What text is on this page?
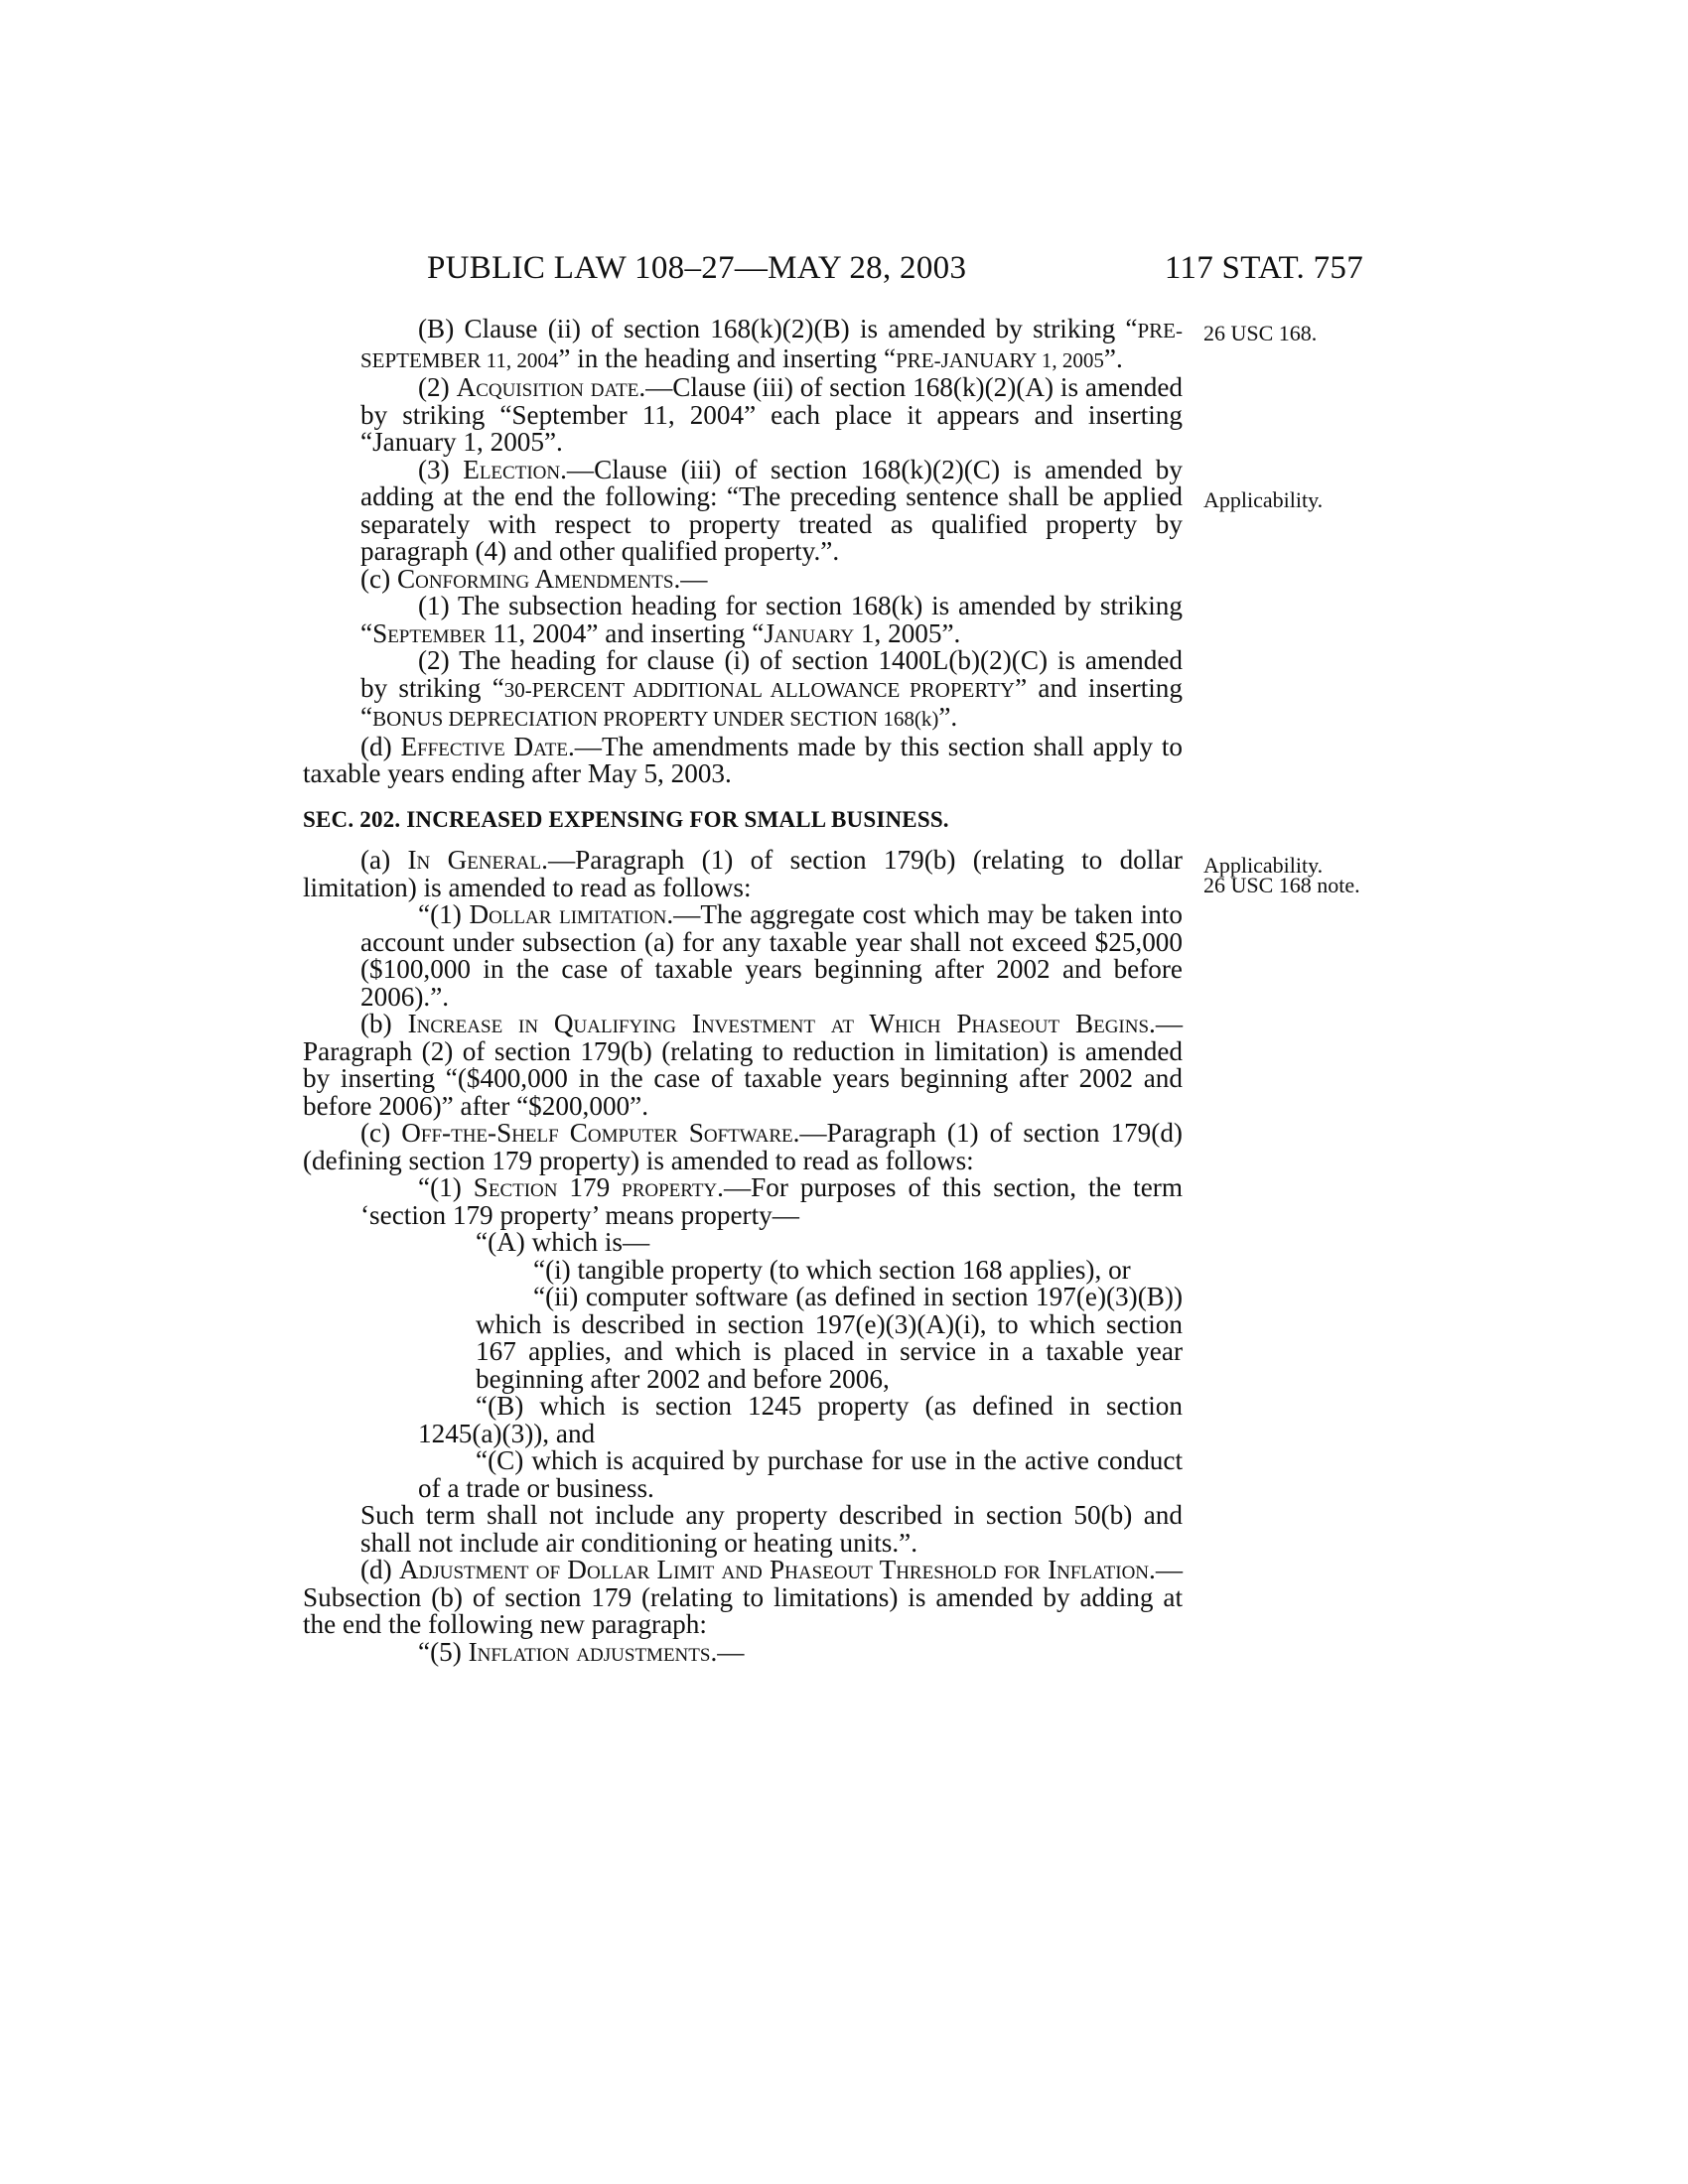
PUBLIC LAW 108–27—MAY 28, 2003	117 STAT. 757
26 USC 168.
Applicability.
Applicability.
26 USC 168 note.

(B) Clause (ii) of section 168(k)(2)(B) is amended by striking “PRE-SEPTEMBER 11, 2004” in the heading and inserting “PRE-JANUARY 1, 2005”.

(2) Acquisition date.—Clause (iii) of section 168(k)(2)(A) is amended by striking “September 11, 2004” each place it appears and inserting “January 1, 2005”.

(3) Election.—Clause (iii) of section 168(k)(2)(C) is amended by adding at the end the following: “The preceding sentence shall be applied separately with respect to property treated as qualified property by paragraph (4) and other qualified property.”.

(c) Conforming Amendments.—

(1) The subsection heading for section 168(k) is amended by striking “September 11, 2004” and inserting “January 1, 2005”.

(2) The heading for clause (i) of section 1400L(b)(2)(C) is amended by striking “30-PERCENT ADDITIONAL ALLOWANCE PROPERTY” and inserting “BONUS DEPRECIATION PROPERTY UNDER SECTION 168(k)”.

(d) Effective Date.—The amendments made by this section shall apply to taxable years ending after May 5, 2003.

SEC. 202. INCREASED EXPENSING FOR SMALL BUSINESS.

(a) In General.—Paragraph (1) of section 179(b) (relating to dollar limitation) is amended to read as follows:

“(1) Dollar limitation.—The aggregate cost which may be taken into account under subsection (a) for any taxable year shall not exceed $25,000 ($100,000 in the case of taxable years beginning after 2002 and before 2006).”.

(b) Increase in Qualifying Investment at Which Phaseout Begins.—Paragraph (2) of section 179(b) (relating to reduction in limitation) is amended by inserting “($400,000 in the case of taxable years beginning after 2002 and before 2006)” after “$200,000”.

(c) Off-the-Shelf Computer Software.—Paragraph (1) of section 179(d) (defining section 179 property) is amended to read as follows:

“(1) Section 179 property.—For purposes of this section, the term ‘section 179 property’ means property—

“(A) which is—

“(i) tangible property (to which section 168 applies), or

“(ii) computer software (as defined in section 197(e)(3)(B)) which is described in section 197(e)(3)(A)(i), to which section 167 applies, and which is placed in service in a taxable year beginning after 2002 and before 2006,

“(B) which is section 1245 property (as defined in section 1245(a)(3)), and

“(C) which is acquired by purchase for use in the active conduct of a trade or business.

Such term shall not include any property described in section 50(b) and shall not include air conditioning or heating units.”.

(d) Adjustment of Dollar Limit and Phaseout Threshold for Inflation.—Subsection (b) of section 179 (relating to limitations) is amended by adding at the end the following new paragraph:

“(5) Inflation adjustments.—
